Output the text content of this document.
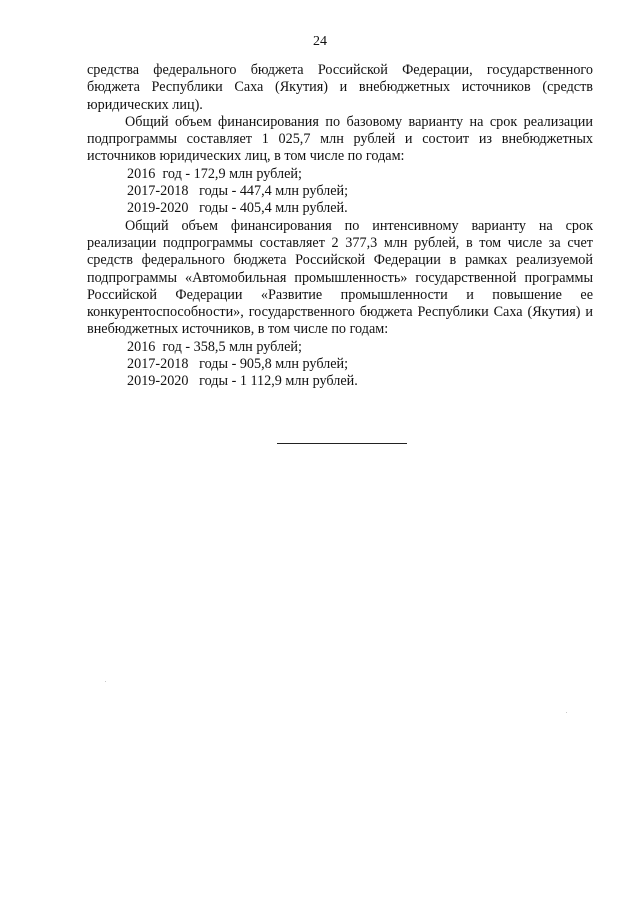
24

средства федерального бюджета Российской Федерации, государственного бюджета Республики Саха (Якутия) и внебюджетных источников (средств юридических лиц).

Общий объем финансирования по базовому варианту на срок реализации подпрограммы составляет 1 025,7 млн рублей и состоит из внебюджетных источников юридических лиц, в том числе по годам:

2016  год - 172,9 млн рублей;

2017-2018   годы - 447,4 млн рублей;

2019-2020   годы - 405,4 млн рублей.

Общий объем финансирования по интенсивному варианту на срок реализации подпрограммы составляет 2 377,3 млн рублей, в том числе за счет средств федерального бюджета Российской Федерации в рамках реализуемой подпрограммы «Автомобильная промышленность» государственной программы Российской Федерации «Развитие промышленности и повышение ее конкурентоспособности», государственного бюджета Республики Саха (Якутия) и внебюджетных источников, в том числе по годам:

2016  год - 358,5 млн рублей;

2017-2018   годы - 905,8 млн рублей;

2019-2020   годы - 1 112,9 млн рублей.
